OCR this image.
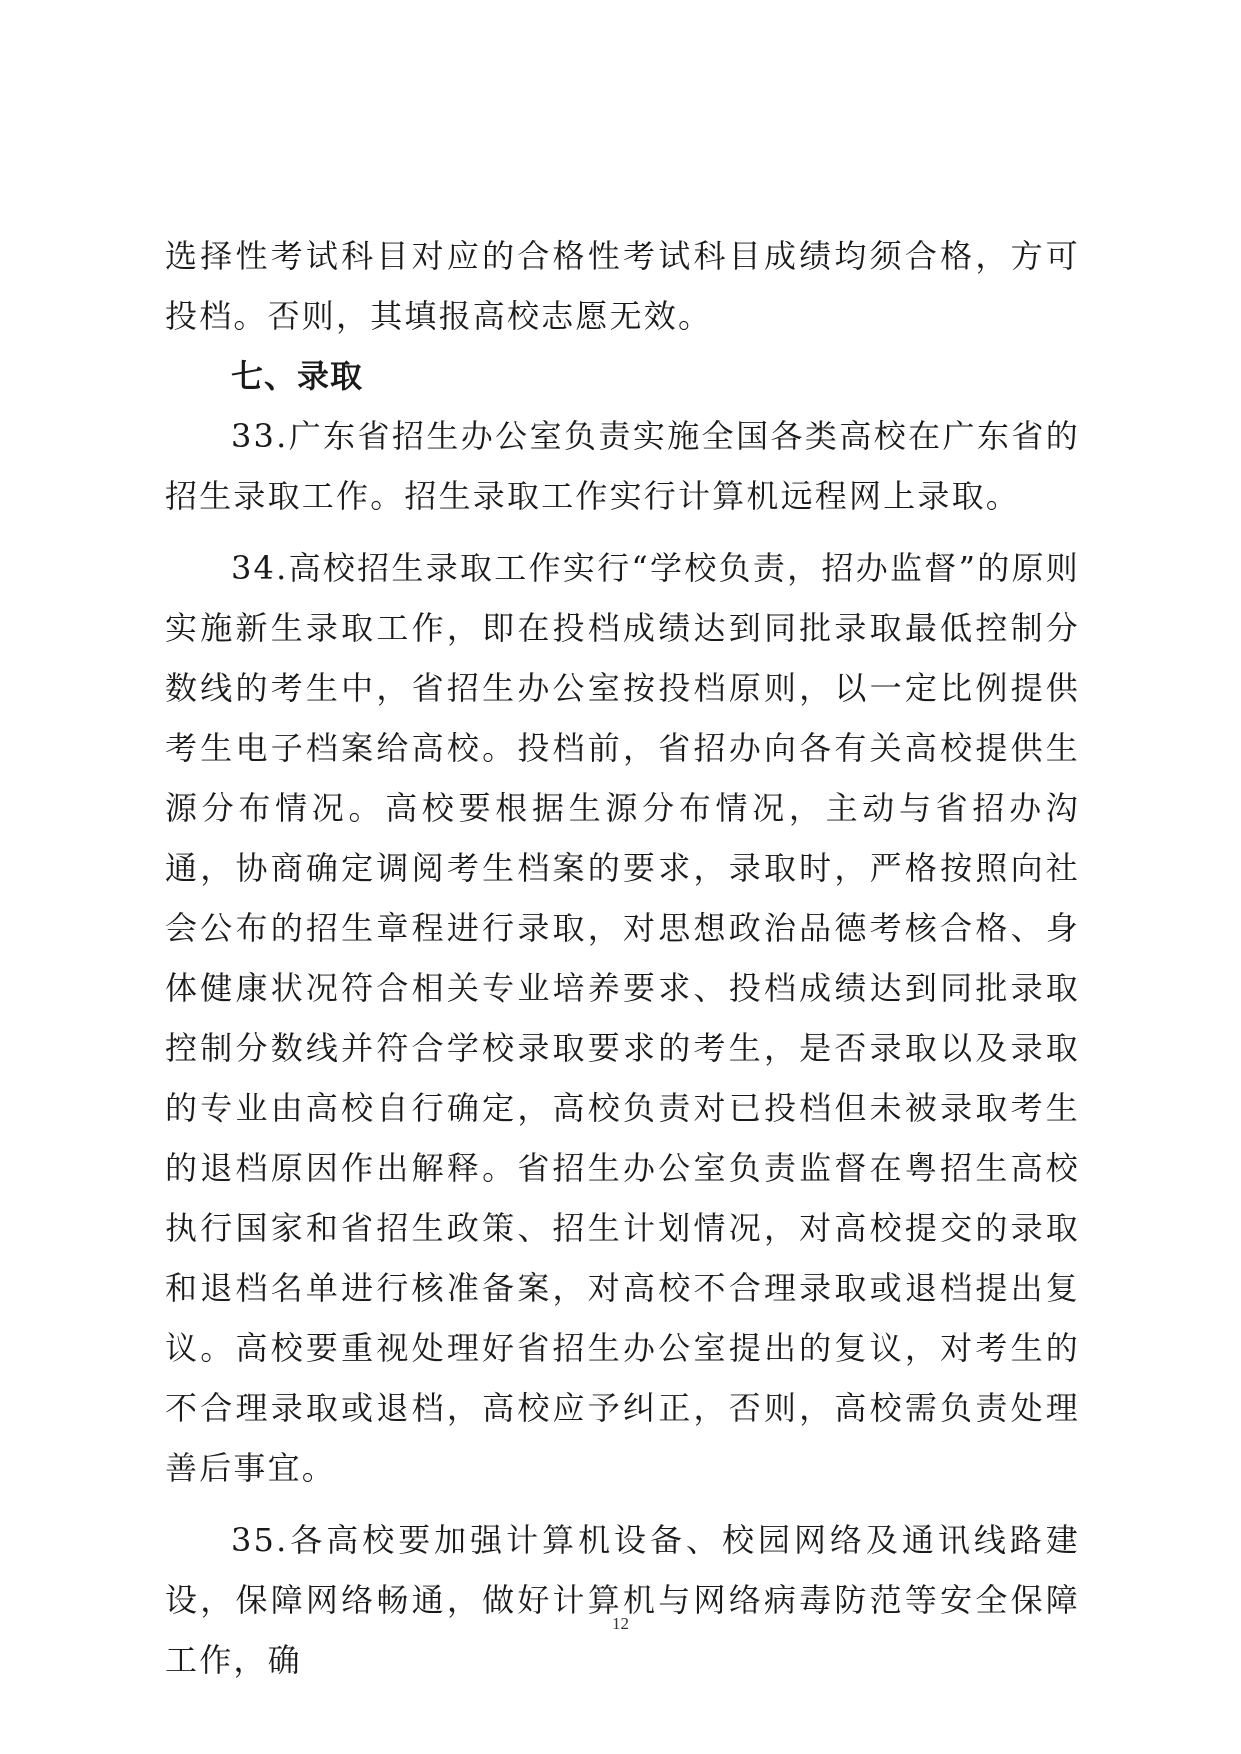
选择性考试科目对应的合格性考试科目成绩均须合格，方可投档。否则，其填报高校志愿无效。

七、录取

33.广东省招生办公室负责实施全国各类高校在广东省的招生录取工作。招生录取工作实行计算机远程网上录取。

34.高校招生录取工作实行“学校负责，招办监督”的原则实施新生录取工作，即在投档成绩达到同批录取最低控制分数线的考生中，省招生办公室按投档原则，以一定比例提供考生电子档案给高校。投档前，省招办向各有关高校提供生源分布情况。高校要根据生源分布情况，主动与省招办沟通，协商确定调阅考生档案的要求，录取时，严格按照向社会公布的招生章程进行录取，对思想政治品德考核合格、身体健康状况符合相关专业培养要求、投档成绩达到同批录取控制分数线并符合学校录取要求的考生，是否录取以及录取的专业由高校自行确定，高校负责对已投档但未被录取考生的退档原因作出解释。省招生办公室负责监督在粤招生高校执行国家和省招生政策、招生计划情况，对高校提交的录取和退档名单进行核准备案，对高校不合理录取或退档提出复议。高校要重视处理好省招生办公室提出的复议，对考生的不合理录取或退档，高校应予纠正，否则，高校需负责处理善后事宜。

35.各高校要加强计算机设备、校园网络及通讯线路建设，保障网络畅通，做好计算机与网络病毒防范等安全保障工作，确

12
